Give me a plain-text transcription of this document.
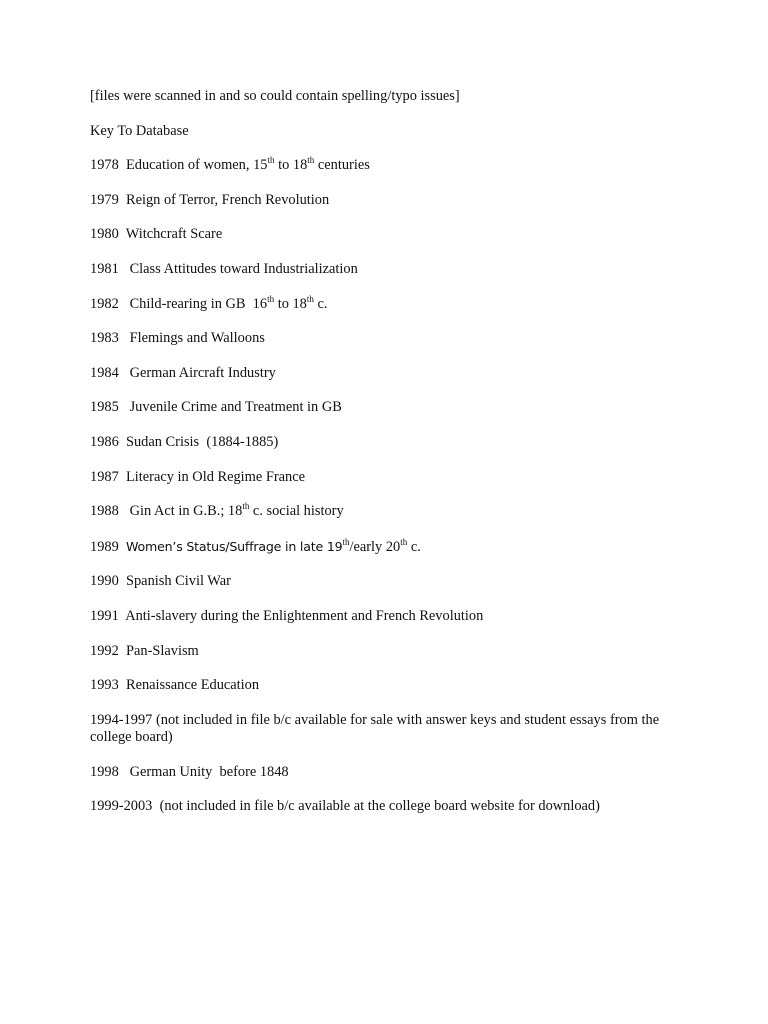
[files were scanned in and so could contain spelling/typo issues]

Key To Database

1978 Education of women, 15th to 18th centuries

1979 Reign of Terror, French Revolution

1980 Witchcraft Scare

1981 Class Attitudes toward Industrialization

1982 Child-rearing in GB  16th to 18th c.

1983 Flemings and Walloons

1984 German Aircraft Industry

1985 Juvenile Crime and Treatment in GB

1986 Sudan Crisis  (1884-1885)

1987 Literacy in Old Regime France

1988 Gin Act in G.B.; 18th c. social history

1989 Women’s Status/Suffrage in late 19th/early 20th c.

1990 Spanish Civil War

1991 Anti-slavery during the Enlightenment and French Revolution

1992 Pan-Slavism

1993 Renaissance Education

1994-1997 (not included in file b/c available for sale with answer keys and student essays from the college board)

1998 German Unity  before 1848

1999-2003 (not included in file b/c available at the college board website for download)
